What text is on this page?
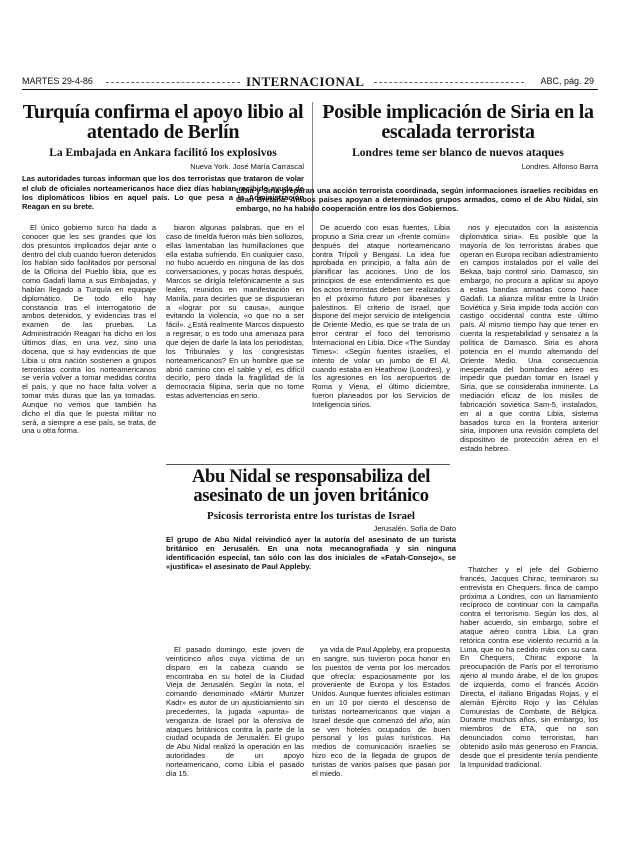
MARTES 29-4-86	INTERNACIONAL	ABC, pág. 29
Turquía confirma el apoyo libio al atentado de Berlín
La Embajada en Ankara facilitó los explosivos
Nueva York. José María Carrascal

Las autoridades turcas informan que los dos terroristas que trataron de volar el club de oficiales norteamericanos hace diez días habían recibido ayuda de los diplomáticos libios en aquel país. Lo que pesa a la Administración Reagan en su brete.

El único gobierno turco ha dado a conocer que les ses grandes que los dos presuntos implicados dejar ante o dentro del club cuando fueron detenidos los habían sido facilitados por personal de la Oficina del Pueblo libia, que es como Gadafi llama a sus Embajadas, y habían llegado a Turquía en equipaje diplomático. De todo ello hay constancia tras el interrogatorio de ambos detenidos, y evidencias tras el examen de las pruebas. La Administración Reagan ha dicho en los últimos días, en una vez, sino una docena, que si hay evidencias de que Libia u otra nación sostienen a grupos terroristas contra los norteamericanos se vería volver a tomar medidas contra el país, y que no hace falta volver a tomar más duras que las ya tomadas. Aunque no vemos que también ha dicho el día que le puesta militar no será, a siempre a ese país, se trata, de una u otra forma.

biaron algunas palabras, que en el caso de Imelda fueron más bien sollozos, ellas lamentaban las humillaciones que ella estaba sufriendo. En cualquier caso, no hubo acuerdo en ninguna de las dos conversaciones, y pocas horas después, Marcos se dirigía telefónicamente a sus leales, reunidos en manifestación en Manila, para decirles que se dispusieran a «lograr por su causa», aunque evitando la violencia, «o que no a ser fácil». ¿Está realmente Marcos dispuesto a regresar, o es todo una amenaza para que dejen de darle la lata los periodistas, los Tribunales y los congresistas norteamericanos? En un hombre que se abrió camino con el sable y el, es difícil decirlo, pero dada la fragilidad de la democracia filipina, sería que no tome estas advertencias en serio.

Posible implicación de Siria en la escalada terrorista
Londres teme ser blanco de nuevos ataques
Londres. Alfonso Barra

Libia y Siria preparan una acción terrorista coordinada, según informaciones israelíes recibidas en Gran Bretaña. Ambos países apoyan a determinados grupos armados, como el de Abu Nidal, sin embargo, no ha habido cooperación entre los dos Gobiernos.

De acuerdo con esas fuentes, Libia propuso a Siria crear un «frente común» después del ataque norteamericano contra Trípoli y Bengasi. La idea fue aprobada en principio, a falta aún de planificar las acciones. Uno de los principios de ese entendimiento es que los actos terroristas deben ser realizados en el próximo futuro por libaneses y palestinos. El criterio de Israel, que dispone del mejor servicio de inteligencia de Oriente Medio, es que se trata de un error centrar el foco del terrorismo internacional en Libia. Dice «The Sunday Times»: «Según fuentes israelíes, el intento de volar un jumbo de El Al, cuando estaba en Heathrow (Londres), y los agresiones en los aeropuertos de Roma y Viena, el último diciembre, fueron planeados por los Servicios de Inteligencia sirios.

nos y ejecutados con la asistencia diplomática siria». Es posible que la mayoría de los terroristas árabes que operan en Europa reciban adiestramiento en campos instalados por el valle del Bekaa, bajo control sirio. Damasco, sin embargo, no procura a aplicar su apoyo a estas bandas armadas como hace Gadafi. La alianza militar entre la Unión Soviética y Siria impide toda acción con castigo occidental contra este último país. Al mismo tiempo hay que tener en cuenta la respetabilidad y sensatez a la política de Damasco. Siria es ahora potencia en el mundo alternando del Oriente Medio. Una consecuencia inesperada del bombardeo aéreo es impedir que puedan tomar en Israel y Siria, que se consideraba inminente. La mediación eficaz de los misiles de fabricación soviética Sam-5, instalados, en al a que contra Libia, sistema basados turco en la frontera anterior siria, imponen una revisión completa del dispositivo de protección aérea en el estado hebreo.

Abu Nidal se responsabiliza del asesinato de un joven británico
Psicosis terrorista entre los turistas de Israel
Jerusalén. Sofía de Dato

El grupo de Abu Nidal reivindicó ayer la autoría del asesinato de un turista británico en Jerusalén. En una nota mecanografiada y sin ninguna identificación especial, tan sólo con las dos iniciales de «Fatah-Consejo», se «justifica» el asesinato de Paul Appleby.

El pasado domingo, este joven de veinticinco años cuya víctima de un disparo en la cabeza cuando se encontraba en su hotel de la Ciudad Vieja de Jerusalén. Según la nota, el comando denominado «Mártir Munzer Kadr» es autor de un ajusticiamiento sin precedentes, la jugada «apunta» de venganza de Israel por la ofensiva de ataques británicos contra la parte de la ciudad ocupada de Jerusalén. El grupo de Abu Nidal realizó la operación en las autoridades de un apoyo norteamericano, como Libia el pasado día 15.

ya vida de Paul Appleby, era propuesta en sangre, sus tuvieron poca honor en los puestos de venta por los mercados que ofrecía: espaciosamente por los proveniente de Europa y los Estados Unidos. Aunque fuentes oficiales estiman en un 10 por ciento el descenso de turistas norteamericanos que viajan a Israel desde que comenzó del año, aún se ven hoteles ocupados de buen personal y los guías turísticos. Ha medios de comunicación israelíes se hizo eco de la llegada de grupos de turistas de varios países que pasan por el miedo.

Thatcher y el jefe del Gobierno francés, Jacques Chirac, terminaron su entrevista en Chequers. finca de campo próxima a Londres, con un llamamiento recíproco de continuar con la campaña contra el terrorismo. Según los dos, al haber acuerdo, sin embargo, sobre el ataque aéreo contra Libia. La gran retórica contra ese violento recurrió a la Luna, que no ha cedido más con su cara. En Chequers, Chirac expone la preocupación de París por el terrorismo ajeno al mundo árabe, el de los grupos de izquierda, como el francés Acción Directa, el italiano Brigadas Rojas, y el alemán Ejército Rojo y las Células Comunistas de Combate, de Bélgica. Durante muchos años, sin embargo, los miembros de ETA, que no son denunciados como terroristas, han obtenido asilo más generoso en Francia, desde que el presidente tenía pendiente la Impunidad tradicional.
